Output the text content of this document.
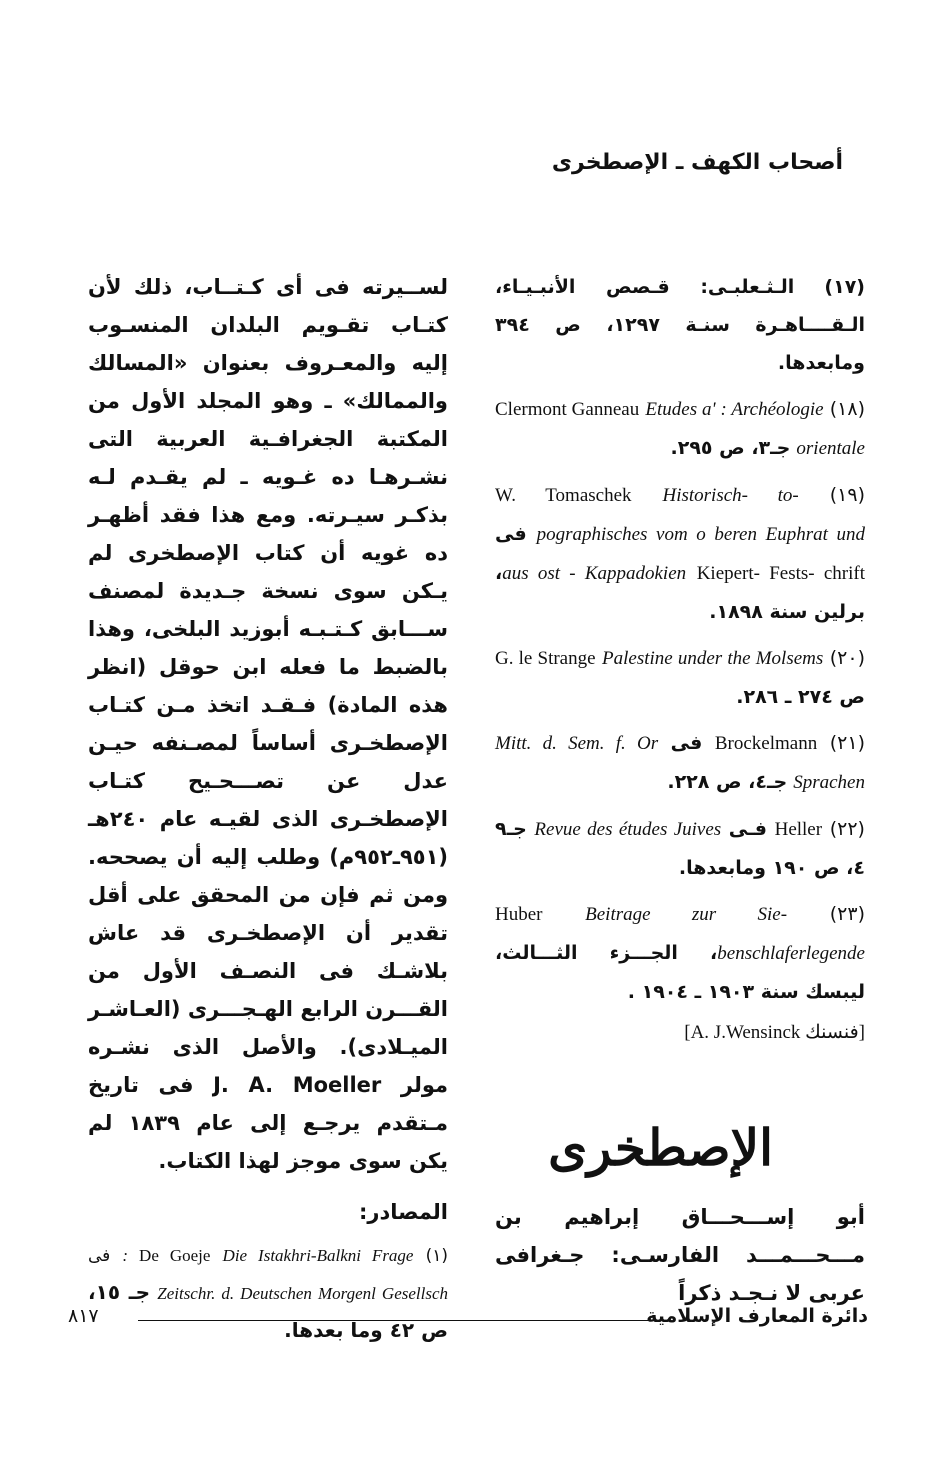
أصحاب الكهف ـ الإصطخرى

(١٧) الـثـعلبـى: قـصص الأنبـيـاء، الـقــــاهـرة سنـة ١٢٩٧، ص ٣٩٤ ومابعدها.

(١٨) Clermont Ganneau Etudes a' : Archéologie orientale جـ٣، ص ٢٩٥.

(١٩) W. Tomaschek Historisch- to- pographisches vom o beren Euphrat und فى aus ost - Kappadokien Kiepert- Fests- chrift، برلين سنة ١٨٩٨.

(٢٠) G. le Strange Palestine under the Molsems ص ٢٧٤ ـ ٢٨٦.

(٢١) Brockelmann فى Mitt. d. Sem. f. Or Sprachen جـ٤، ص ٢٢٨.

(٢٢) Heller فـى Revue des études Juives جـ٩ ٤، ص ١٩٠ ومابعدها.

(٢٣) Huber Beitrage zur Sie- benschlaferlegende، الجـــزء الثـــالث، ليبسك سنة ١٩٠٣ ـ ١٩٠٤ .

[فنسنك A. J.Wensinck]
الإصطخرى

أبو إســـحـــاق إبراهيم بن مـــحـــمـــد الفارسـى: جـغرافى عربى لا نـجـد ذكراً

لســيرته فى أى كـتــاب، ذلك لأن كتـاب تقـويم البلدان المنسـوب إليه والمعـروف بعنوان «المسالك والممالك» ـ وهو المجلد الأول من المكتبة الجغرافـية العربية التى نشـرهـا ده غـويه ـ لم يقـدم لـه بذكـر سيـرته. ومع هذا فقد أظهـر ده غويه أن كتاب الإصطخرى لم يـكن سوى نسخة جـديدة لمصنف ســـابق كـتـبـه أبوزيد البلخى، وهذا بالضبط ما فعله ابن حوقل (انظر هذه المادة) فـقـد اتخذ مـن كتـاب الإصطخـرى أساساً لمصـنفه حيـن عدل عن تصـــحـيح كتـاب الإصطخـرى الذى لقيـه عام ٢٤٠هـ (٩٥١ـ٩٥٢م) وطلب إليه أن يصححه. ومن ثم فإن من المحقق على أقل تقدير أن الإصطخـرى قد عاش بلاشـك فى النصـف الأول من القـــرن الرابع الهـجـــرى (العـاشـر الميـلادى). والأصل الذى نشـره مولر J. A. Moeller فى تاريخ مـتقدم يرجـع إلى عام ١٨٣٩ لم يكن سوى موجز لهذا الكتاب.

المصادر:
(١) De Goeje Die Istakhri-Balkni Frage : فى Zeitschr. d. Deutschen Morgenl Gesellsch جـ ١٥، ص ٤٢ وما بعدها.
دائرة المعارف الإسلامية
٨١٧
